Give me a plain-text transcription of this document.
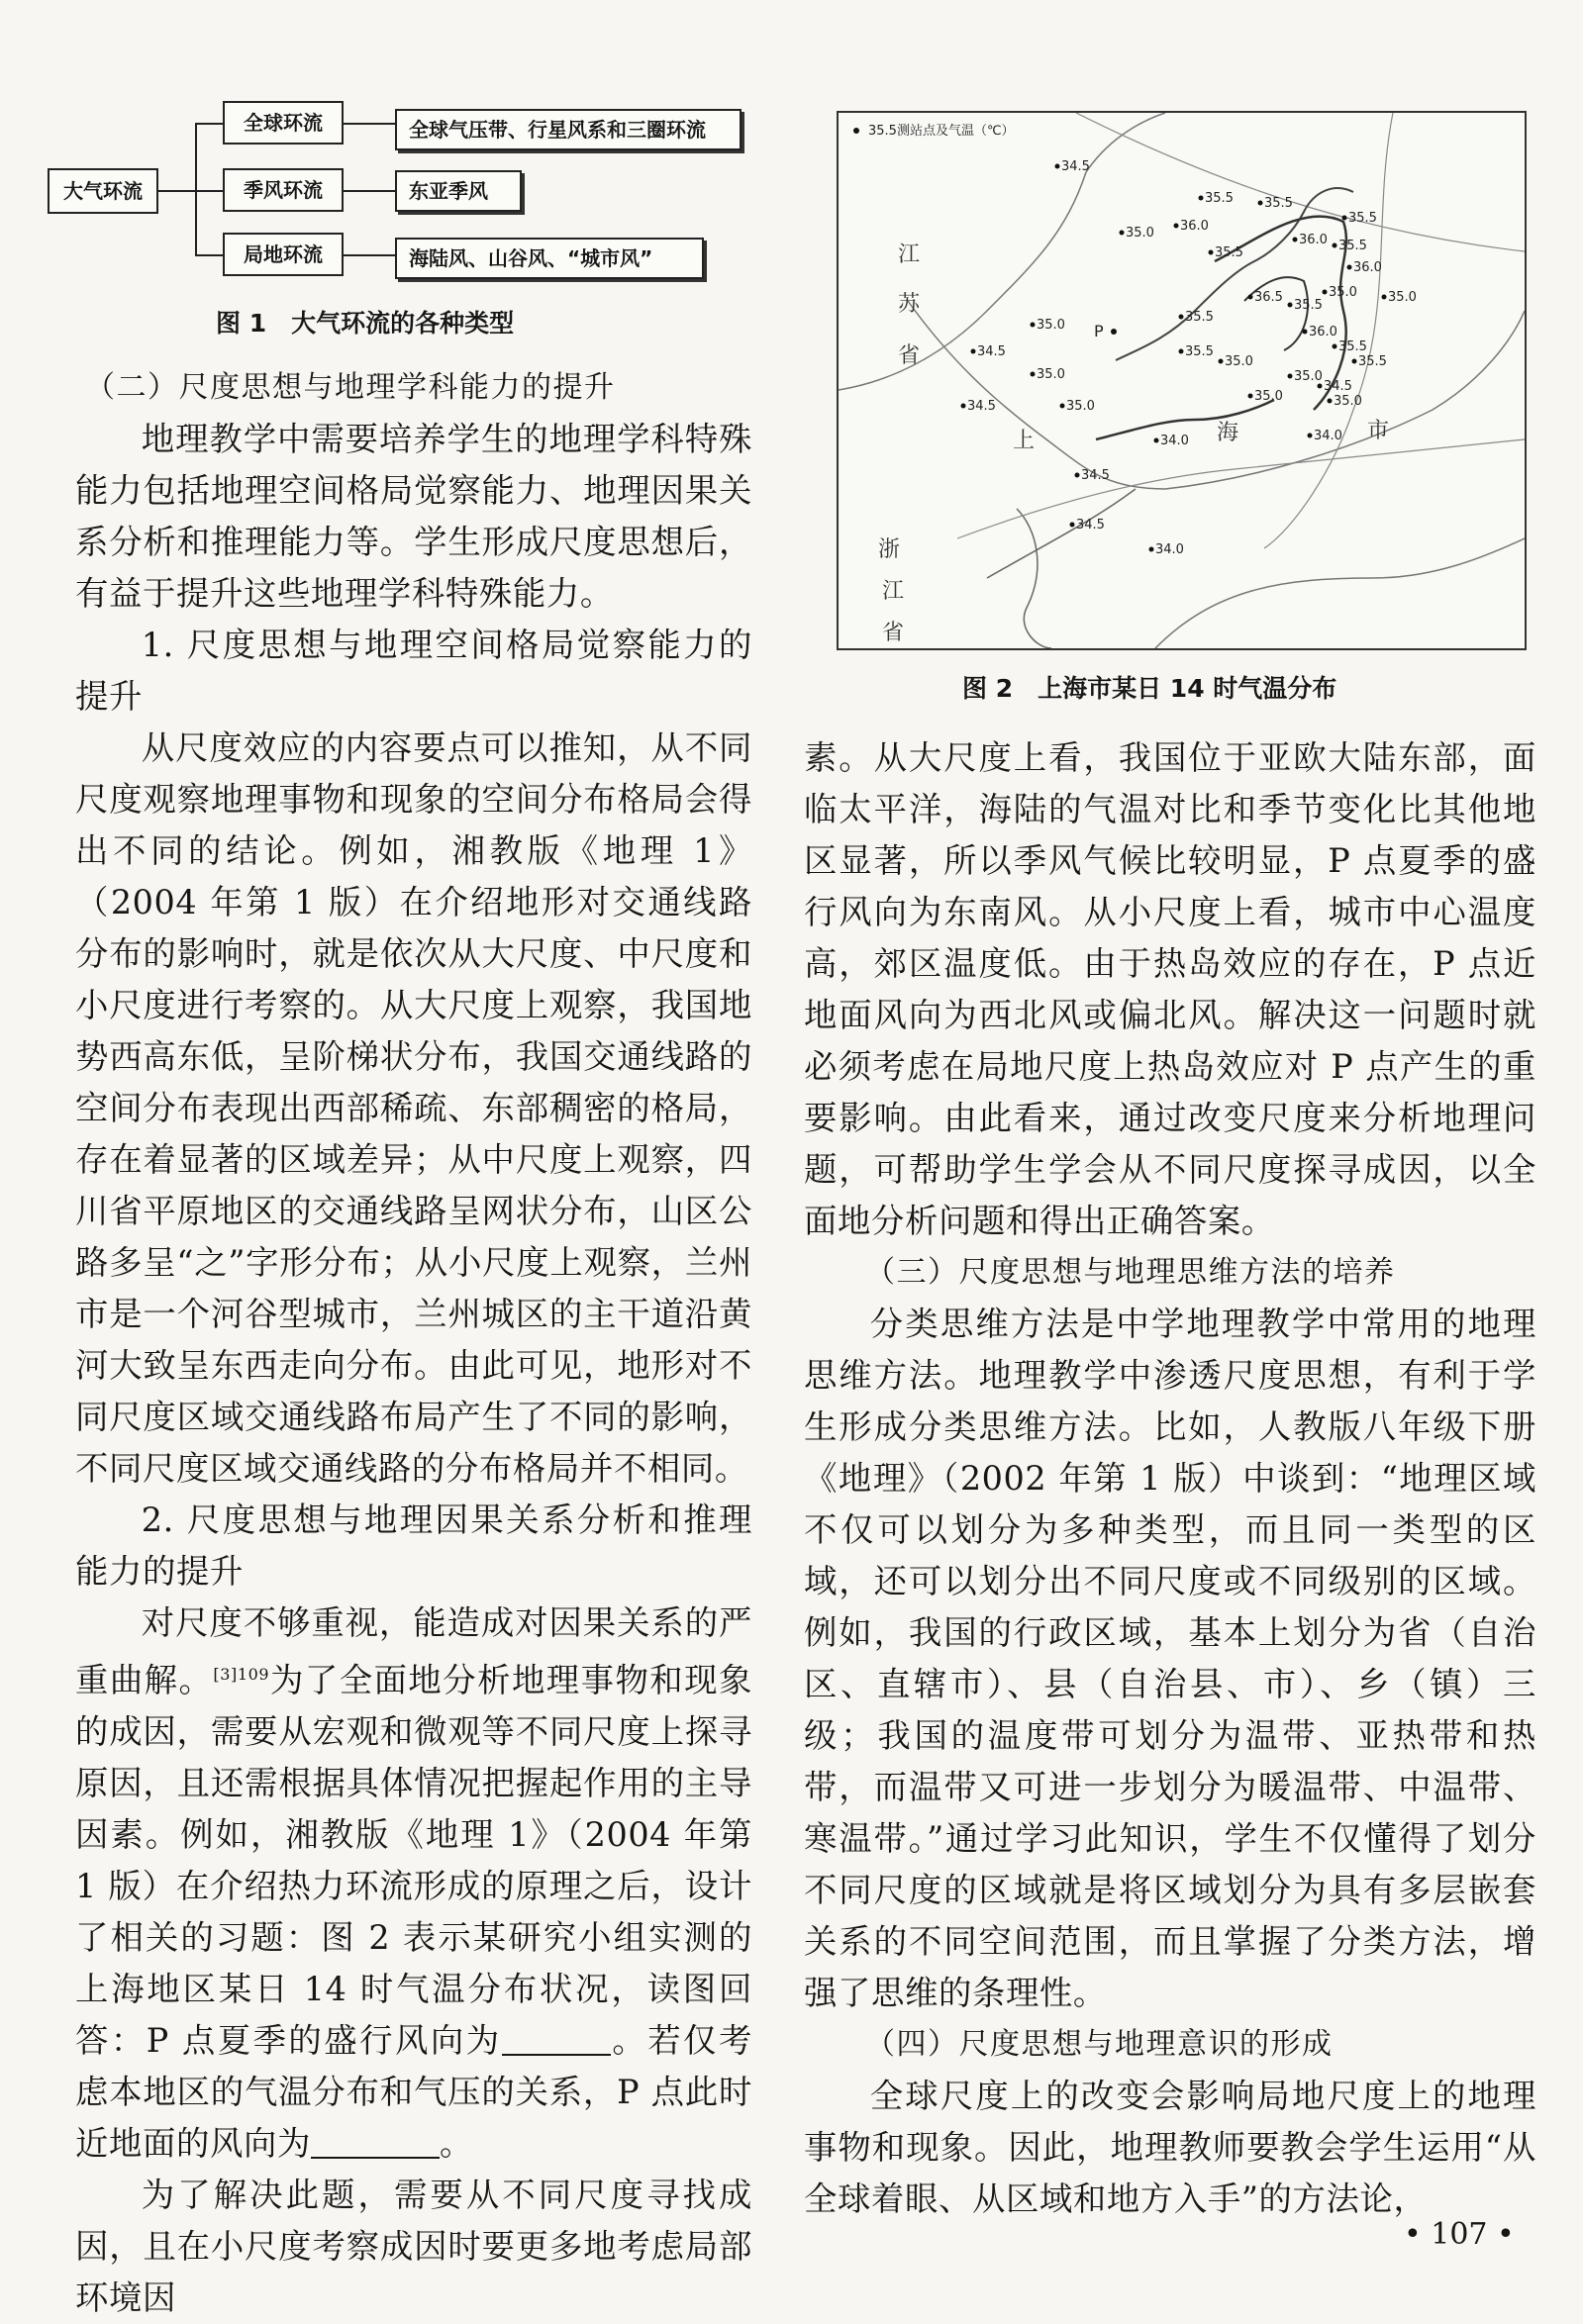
大气环流
全球环流
季风环流
局地环流
全球气压带、行星风系和三圈环流
东亚季风
海陆风、山谷风、“城市风”
图 1　大气环流的各种类型

（二）尺度思想与地理学科能力的提升

地理教学中需要培养学生的地理学科特殊能力包括地理空间格局觉察能力、地理因果关系分析和推理能力等。学生形成尺度思想后，有益于提升这些地理学科特殊能力。

1. 尺度思想与地理空间格局觉察能力的提升

从尺度效应的内容要点可以推知，从不同尺度观察地理事物和现象的空间分布格局会得出不同的结论。例如，湘教版《地理 1》（2004 年第 1 版）在介绍地形对交通线路分布的影响时，就是依次从大尺度、中尺度和小尺度进行考察的。从大尺度上观察，我国地势西高东低，呈阶梯状分布，我国交通线路的空间分布表现出西部稀疏、东部稠密的格局，存在着显著的区域差异；从中尺度上观察，四川省平原地区的交通线路呈网状分布，山区公路多呈“之”字形分布；从小尺度上观察，兰州市是一个河谷型城市，兰州城区的主干道沿黄河大致呈东西走向分布。由此可见，地形对不同尺度区域交通线路布局产生了不同的影响，不同尺度区域交通线路的分布格局并不相同。

2. 尺度思想与地理因果关系分析和推理能力的提升

对尺度不够重视，能造成对因果关系的严重曲解。$^{[3]109}$为了全面地分析地理事物和现象的成因，需要从宏观和微观等不同尺度上探寻原因，且还需根据具体情况把握起作用的主导因素。例如，湘教版《地理 1》（2004 年第 1 版）在介绍热力环流形成的原理之后，设计了相关的习题：图 2 表示某研究小组实测的上海地区某日 14 时气温分布状况，读图回答：P 点夏季的盛行风向为	。若仅考虑本地区的气温分布和气压的关系，P 点此时近地面的风向为	。

为了解决此题，需要从不同尺度寻找成因，且在小尺度考察成因时要更多地考虑局部环境因

35.5测站点及气温（℃）
江
苏
省
浙
江
省
上	海	市
P
34.5
35.5
35.0 36.0
35.5
35.5
36.0
35.5
35.5
36.0
36.5
35.5
35.0
35.5
36.0
35.5
35.0
35.0
35.5
35.5
35.0
35.0
34.5
35.0
34.5	35.0
35.0
34.5
34.0
34.5
34.0
34.5
34.0
35.0
图 2　上海市某日 14 时气温分布

素。从大尺度上看，我国位于亚欧大陆东部，面临太平洋，海陆的气温对比和季节变化比其他地区显著，所以季风气候比较明显，P 点夏季的盛行风向为东南风。从小尺度上看，城市中心温度高，郊区温度低。由于热岛效应的存在，P 点近地面风向为西北风或偏北风。解决这一问题时就必须考虑在局地尺度上热岛效应对 P 点产生的重要影响。由此看来，通过改变尺度来分析地理问题，可帮助学生学会从不同尺度探寻成因，以全面地分析问题和得出正确答案。

（三）尺度思想与地理思维方法的培养

分类思维方法是中学地理教学中常用的地理思维方法。地理教学中渗透尺度思想，有利于学生形成分类思维方法。比如，人教版八年级下册《地理》（2002 年第 1 版）中谈到：“地理区域不仅可以划分为多种类型，而且同一类型的区域，还可以划分出不同尺度或不同级别的区域。例如，我国的行政区域，基本上划分为省（自治区、直辖市）、县（自治县、市）、乡（镇）三级；我国的温度带可划分为温带、亚热带和热带，而温带又可进一步划分为暖温带、中温带、寒温带。”通过学习此知识，学生不仅懂得了划分不同尺度的区域就是将区域划分为具有多层嵌套关系的不同空间范围，而且掌握了分类方法，增强了思维的条理性。

（四）尺度思想与地理意识的形成

全球尺度上的改变会影响局地尺度上的地理事物和现象。因此，地理教师要教会学生运用“从全球着眼、从区域和地方入手”的方法论，

• 107 •
